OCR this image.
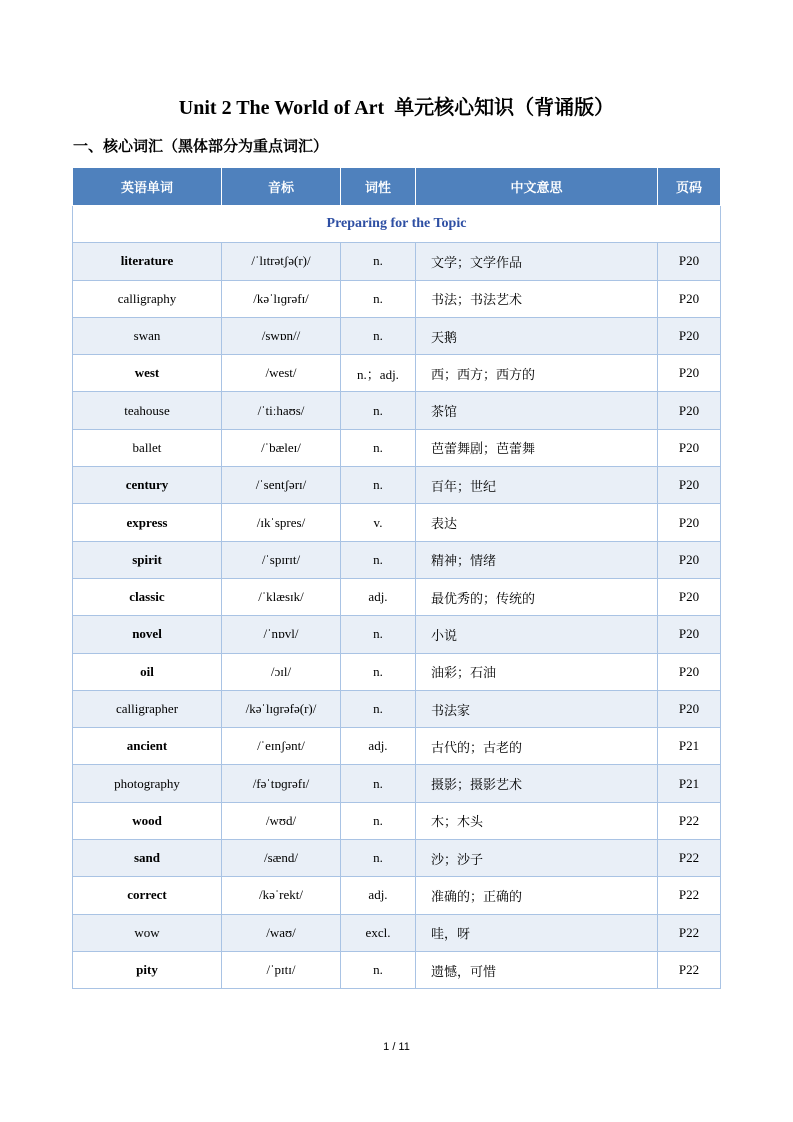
Unit 2 The World of Art  单元核心知识（背诵版）
一、核心词汇（黑体部分为重点词汇）
英语单词	音标	词性	中文意思	页码
Preparing for the Topic				
literature	/ˈlɪtrətʃə(r)/	n.	文学；文学作品	P20
calligraphy	/kəˈlɪɡrəfɪ/	n.	书法；书法艺术	P20
swan	/swɒn//	n.	天鹅	P20
west	/west/	n.；adj.	西；西方；西方的	P20
teahouse	/ˈtiːhaʊs/	n.	茶馆	P20
ballet	/ˈbæleɪ/	n.	芭蕾舞剧；芭蕾舞	P20
century	/ˈsentʃərɪ/	n.	百年；世纪	P20
express	/ɪkˈspres/	v.	表达	P20
spirit	/ˈspɪrɪt/	n.	精神；情绪	P20
classic	/ˈklæsɪk/	adj.	最优秀的；传统的	P20
novel	/ˈnɒvl/	n.	小说	P20
oil	/ɔɪl/	n.	油彩；石油	P20
calligrapher	/kəˈlɪɡrəfə(r)/	n.	书法家	P20
ancient	/ˈeɪnʃənt/	adj.	古代的；古老的	P21
photography	/fəˈtɒɡrəfɪ/	n.	摄影；摄影艺术	P21
wood	/wʊd/	n.	木；木头	P22
sand	/sænd/	n.	沙；沙子	P22
correct	/kəˈrekt/	adj.	准确的；正确的	P22
wow	/waʊ/	excl.	哇，呀	P22
pity	/ˈpɪtɪ/	n.	遗憾，可惜	P22
1 / 11
